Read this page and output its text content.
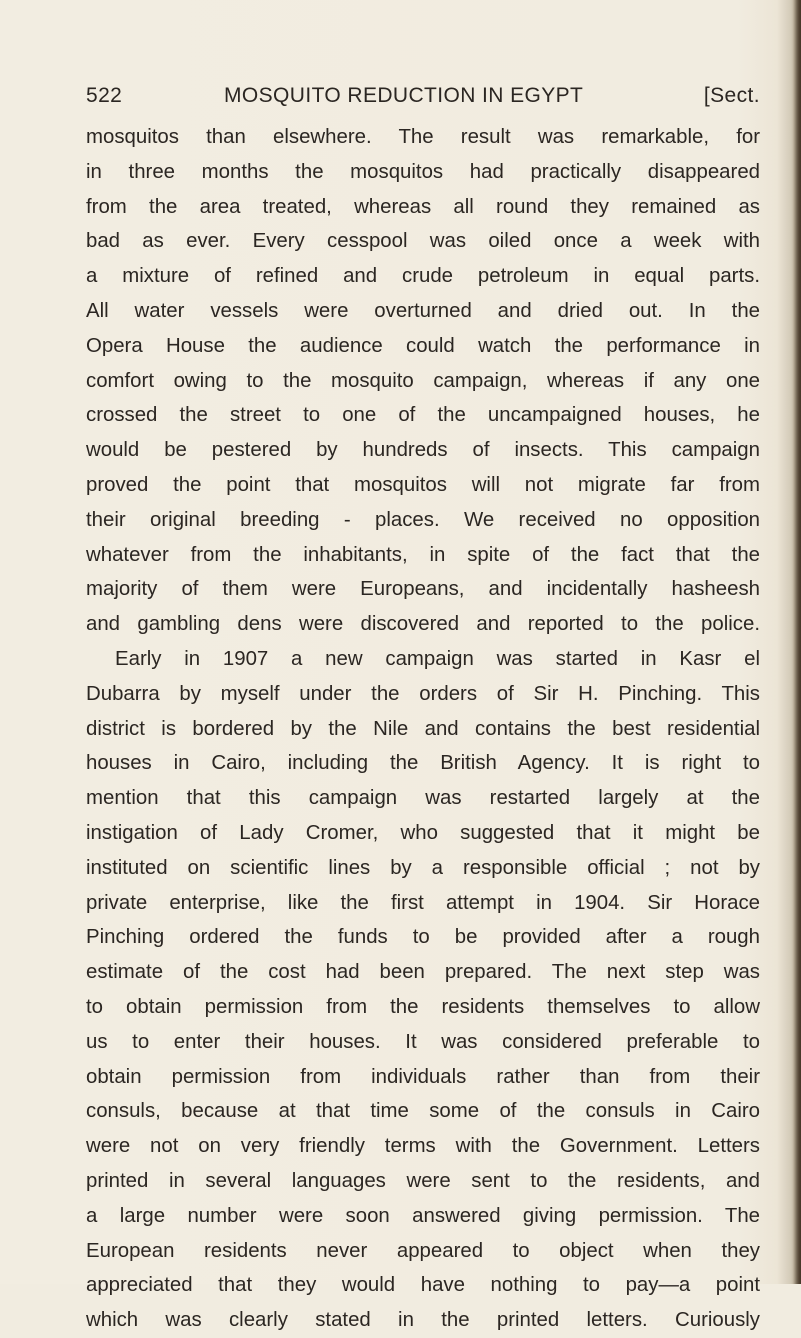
522	MOSQUITO REDUCTION IN EGYPT	[Sect.
mosquitos than elsewhere. The result was remarkable, for
in three months the mosquitos had practically disappeared
from the area treated, whereas all round they remained as
bad as ever. Every cesspool was oiled once a week with
a mixture of refined and crude petroleum in equal parts.
All water vessels were overturned and dried out. In the
Opera House the audience could watch the performance in
comfort owing to the mosquito campaign, whereas if any one
crossed the street to one of the uncampaigned houses, he
would be pestered by hundreds of insects. This campaign
proved the point that mosquitos will not migrate far from
their original breeding - places. We received no opposition
whatever from the inhabitants, in spite of the fact that the
majority of them were Europeans, and incidentally hasheesh
and gambling dens were discovered and reported to the police.
Early in 1907 a new campaign was started in Kasr el
Dubarra by myself under the orders of Sir H. Pinching. This
district is bordered by the Nile and contains the best residential
houses in Cairo, including the British Agency. It is right to
mention that this campaign was restarted largely at the
instigation of Lady Cromer, who suggested that it might be
instituted on scientific lines by a responsible official ; not by
private enterprise, like the first attempt in 1904. Sir Horace
Pinching ordered the funds to be provided after a rough
estimate of the cost had been prepared. The next step was
to obtain permission from the residents themselves to allow
us to enter their houses. It was considered preferable to
obtain permission from individuals rather than from their
consuls, because at that time some of the consuls in Cairo
were not on very friendly terms with the Government. Letters
printed in several languages were sent to the residents, and
a large number were soon answered giving permission. The
European residents never appeared to object when they
appreciated that they would have nothing to pay—a point
which was clearly stated in the printed letters. Curiously
